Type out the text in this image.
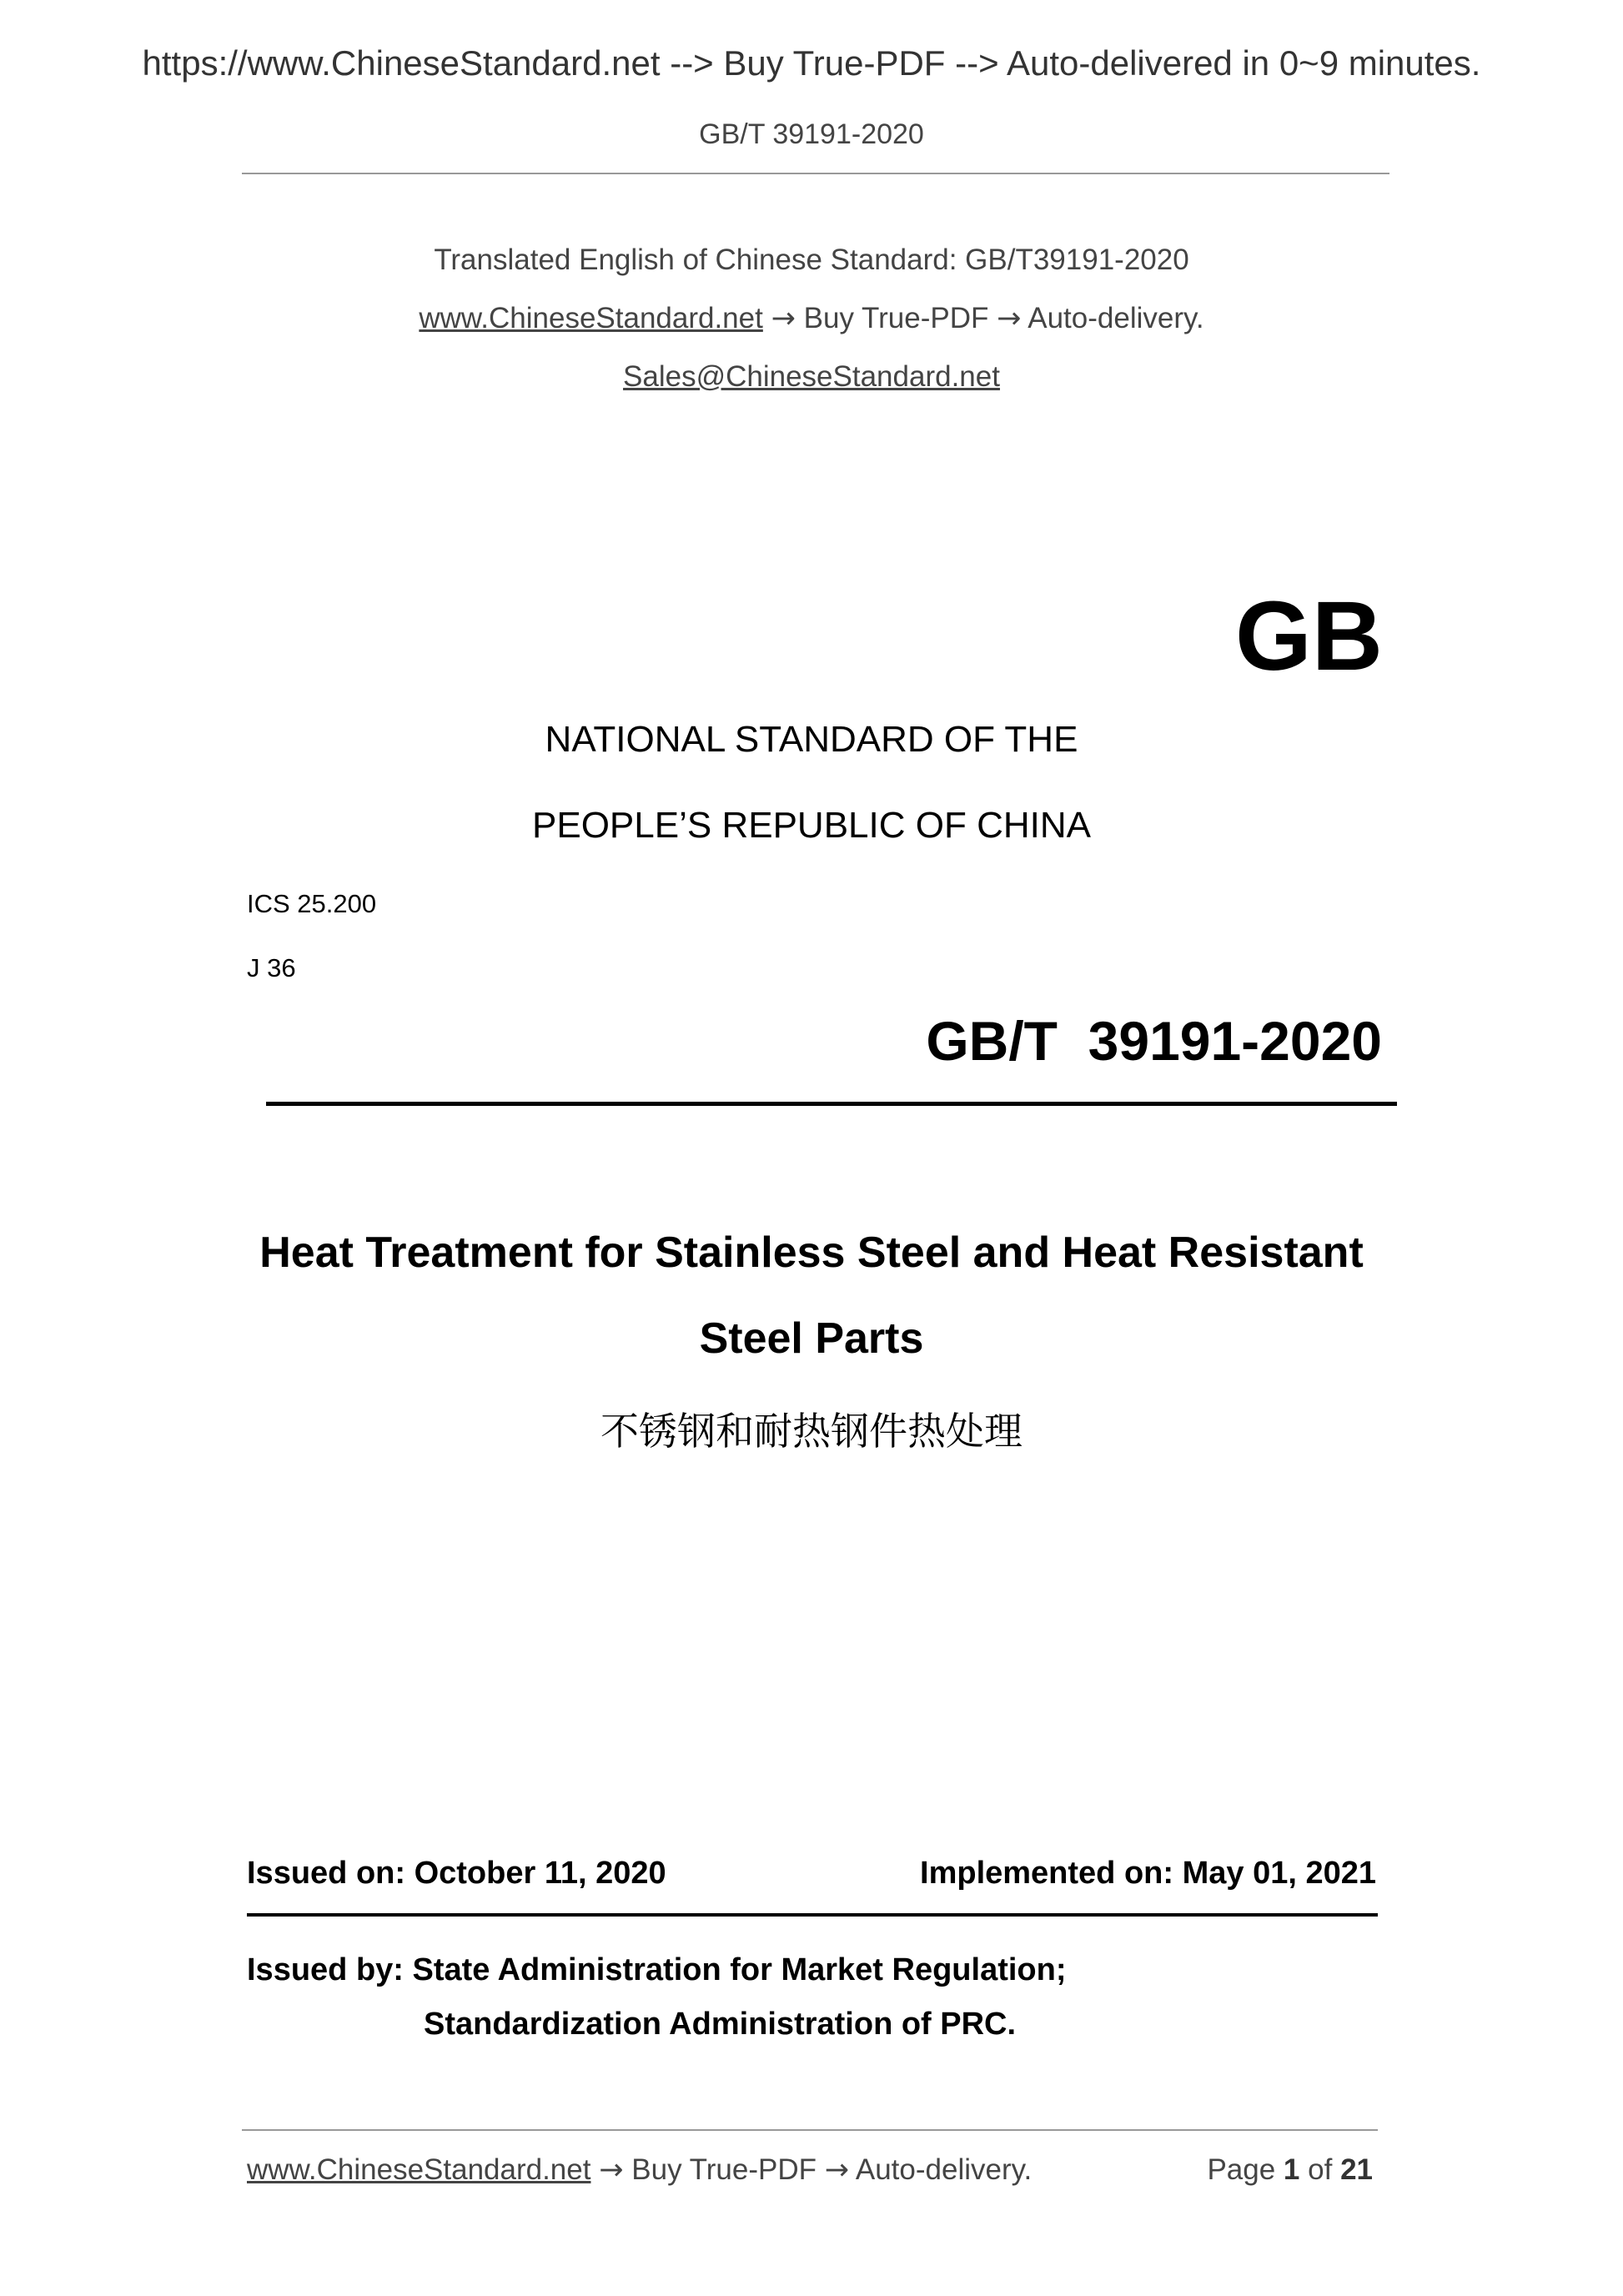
https://www.ChineseStandard.net --> Buy True-PDF --> Auto-delivered in 0~9 minutes.
GB/T 39191-2020
Translated English of Chinese Standard: GB/T39191-2020
www.ChineseStandard.net → Buy True-PDF → Auto-delivery.
Sales@ChineseStandard.net
GB
NATIONAL STANDARD OF THE
PEOPLE’S REPUBLIC OF CHINA
ICS 25.200
J 36
GB/T  39191-2020
Heat Treatment for Stainless Steel and Heat Resistant
Steel Parts
不锈钢和耐热钢件热处理
Issued on: October 11, 2020	Implemented on: May 01, 2021
Issued by: State Administration for Market Regulation;
Standardization Administration of PRC.
www.ChineseStandard.net → Buy True-PDF → Auto-delivery.	Page 1 of 21
